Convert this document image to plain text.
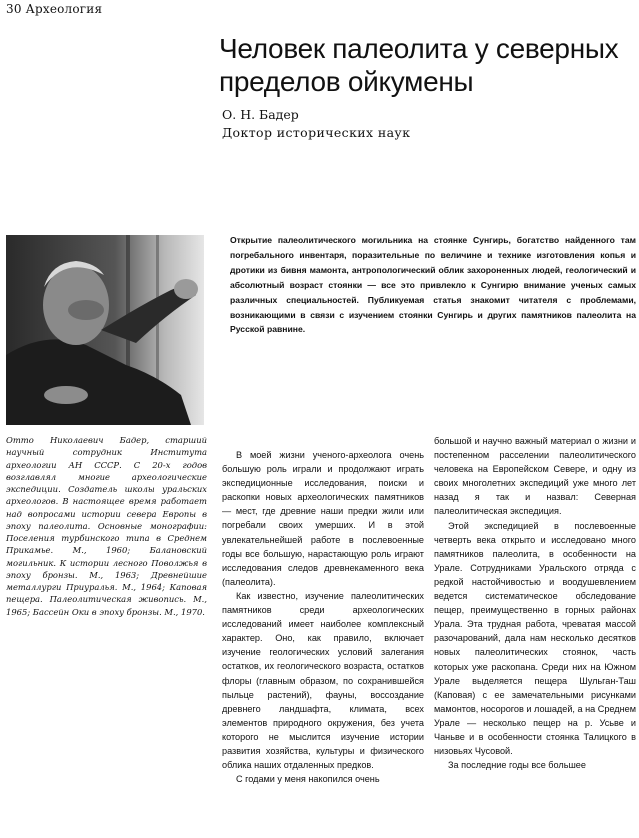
30 Археология
Человек палеолита у северных пределов ойкумены
О. Н. Бадер
Доктор исторических наук

Открытие палеолитического могильника на стоянке Сунгирь, богатство найденного там погребального инвентаря, поразительные по величине и технике изготовления копья и дротики из бивня мамонта, антропологический облик захороненных людей, геологический и абсолютный возраст стоянки — все это привлекло к Сунгирю внимание ученых самых различных специальностей. Публикуемая статья знакомит читателя с проблемами, возникающими в связи с изучением стоянки Сунгирь и других памятников палеолита на Русской равнине.

Отто Николаевич Бадер, старший научный сотрудник Института археологии АН СССР. С 20-х годов возглавлял многие археологические экспедиции. Создатель школы уральских археологов. В настоящее время работает над вопросами истории севера Европы в эпоху палеолита. Основные монографии: Поселения турбинского типа в Среднем Прикамье. М., 1960; Балановский могильник. К истории лесного Поволжья в эпоху бронзы. М., 1963; Древнейшие металлурги Приуралья. М., 1964; Каповая пещера. Палеолитическая живопись. М., 1965; Бассейн Оки в эпоху бронзы. М., 1970.

В моей жизни ученого-археолога очень большую роль играли и продолжают играть экспедиционные исследования, поиски и раскопки новых археологических памятников — мест, где древние наши предки жили или погребали своих умерших. И в этой увлекательнейшей работе в послевоенные годы все большую, нарастающую роль играют исследования следов древнекаменного века (палеолита).

Как известно, изучение палеолитических памятников среди археологических исследований имеет наиболее комплексный характер. Оно, как правило, включает изучение геологических условий залегания остатков, их геологического возраста, остатков флоры (главным образом, по сохранившейся пыльце растений), фауны, воссоздание древнего ландшафта, климата, всех элементов природного окружения, без учета которого не мыслится изучение истории развития хозяйства, культуры и физического облика наших отдаленных предков.

С годами у меня накопился очень

большой и научно важный материал о жизни и постепенном расселении палеолитического человека на Европейском Севере, и одну из своих многолетних экспедиций уже много лет назад я так и назвал: Северная палеолитическая экспедиция.

Этой экспедицией в послевоенные четверть века открыто и исследовано много памятников палеолита, в особенности на Урале. Сотрудниками Уральского отряда с редкой настойчивостью и воодушевлением ведется систематическое обследование пещер, преимущественно в горных районах Урала. Эта трудная работа, чреватая массой разочарований, дала нам несколько десятков новых палеолитических стоянок, часть которых уже раскопана. Среди них на Южном Урале выделяется пещера Шульган-Таш (Каповая) с ее замечательными рисунками мамонтов, носорогов и лошадей, а на Среднем Урале — несколько пещер на р. Усьве и Чаньве и в особенности стоянка Талицкого в низовьях Чусовой.

За последние годы все большее
